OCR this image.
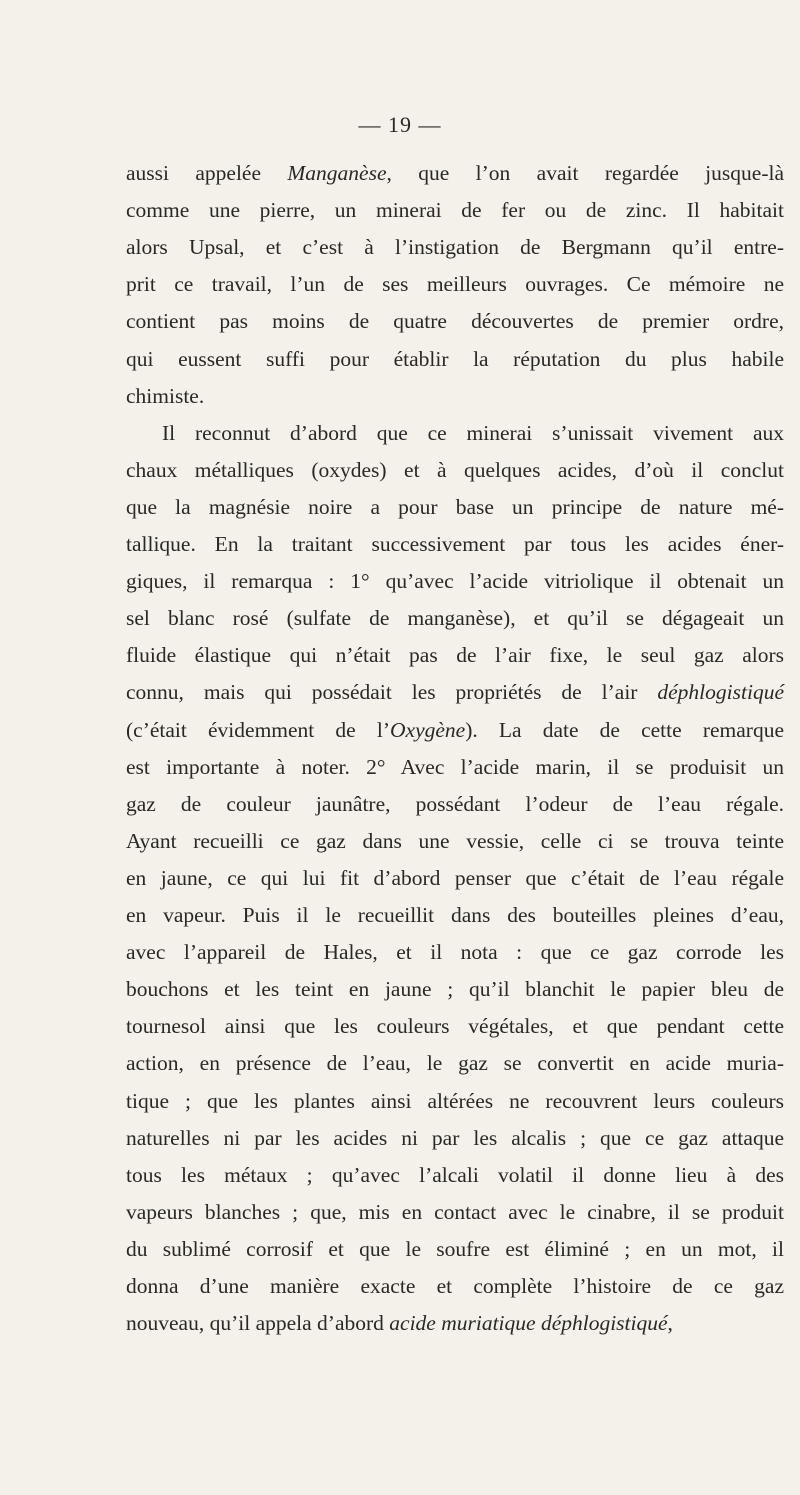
— 19 —
aussi appelée Manganèse, que l’on avait regardée jusque-là
comme une pierre, un minerai de fer ou de zinc. Il habitait
alors Upsal, et c’est à l’instigation de Bergmann qu’il entre-
prit ce travail, l’un de ses meilleurs ouvrages. Ce mémoire ne
contient pas moins de quatre découvertes de premier ordre,
qui eussent suffi pour établir la réputation du plus habile
chimiste.
Il reconnut d’abord que ce minerai s’unissait vivement aux
chaux métalliques (oxydes) et à quelques acides, d’où il conclut
que la magnésie noire a pour base un principe de nature mé-
tallique. En la traitant successivement par tous les acides éner-
giques, il remarqua : 1° qu’avec l’acide vitriolique il obtenait un
sel blanc rosé (sulfate de manganèse), et qu’il se dégageait un
fluide élastique qui n’était pas de l’air fixe, le seul gaz alors
connu, mais qui possédait les propriétés de l’air déphlogistiqué
(c’était évidemment de l’Oxygène). La date de cette remarque
est importante à noter. 2° Avec l’acide marin, il se produisit un
gaz de couleur jaunâtre, possédant l’odeur de l’eau régale.
Ayant recueilli ce gaz dans une vessie, celle ci se trouva teinte
en jaune, ce qui lui fit d’abord penser que c’était de l’eau régale
en vapeur. Puis il le recueillit dans des bouteilles pleines d’eau,
avec l’appareil de Hales, et il nota : que ce gaz corrode les
bouchons et les teint en jaune ; qu’il blanchit le papier bleu de
tournesol ainsi que les couleurs végétales, et que pendant cette
action, en présence de l’eau, le gaz se convertit en acide muria-
tique ; que les plantes ainsi altérées ne recouvrent leurs couleurs
naturelles ni par les acides ni par les alcalis ; que ce gaz attaque
tous les métaux ; qu’avec l’alcali volatil il donne lieu à des
vapeurs blanches ; que, mis en contact avec le cinabre, il se produit
du sublimé corrosif et que le soufre est éliminé ; en un mot, il
donna d’une manière exacte et complète l’histoire de ce gaz
nouveau, qu’il appela d’abord acide muriatique déphlogistiqué,
